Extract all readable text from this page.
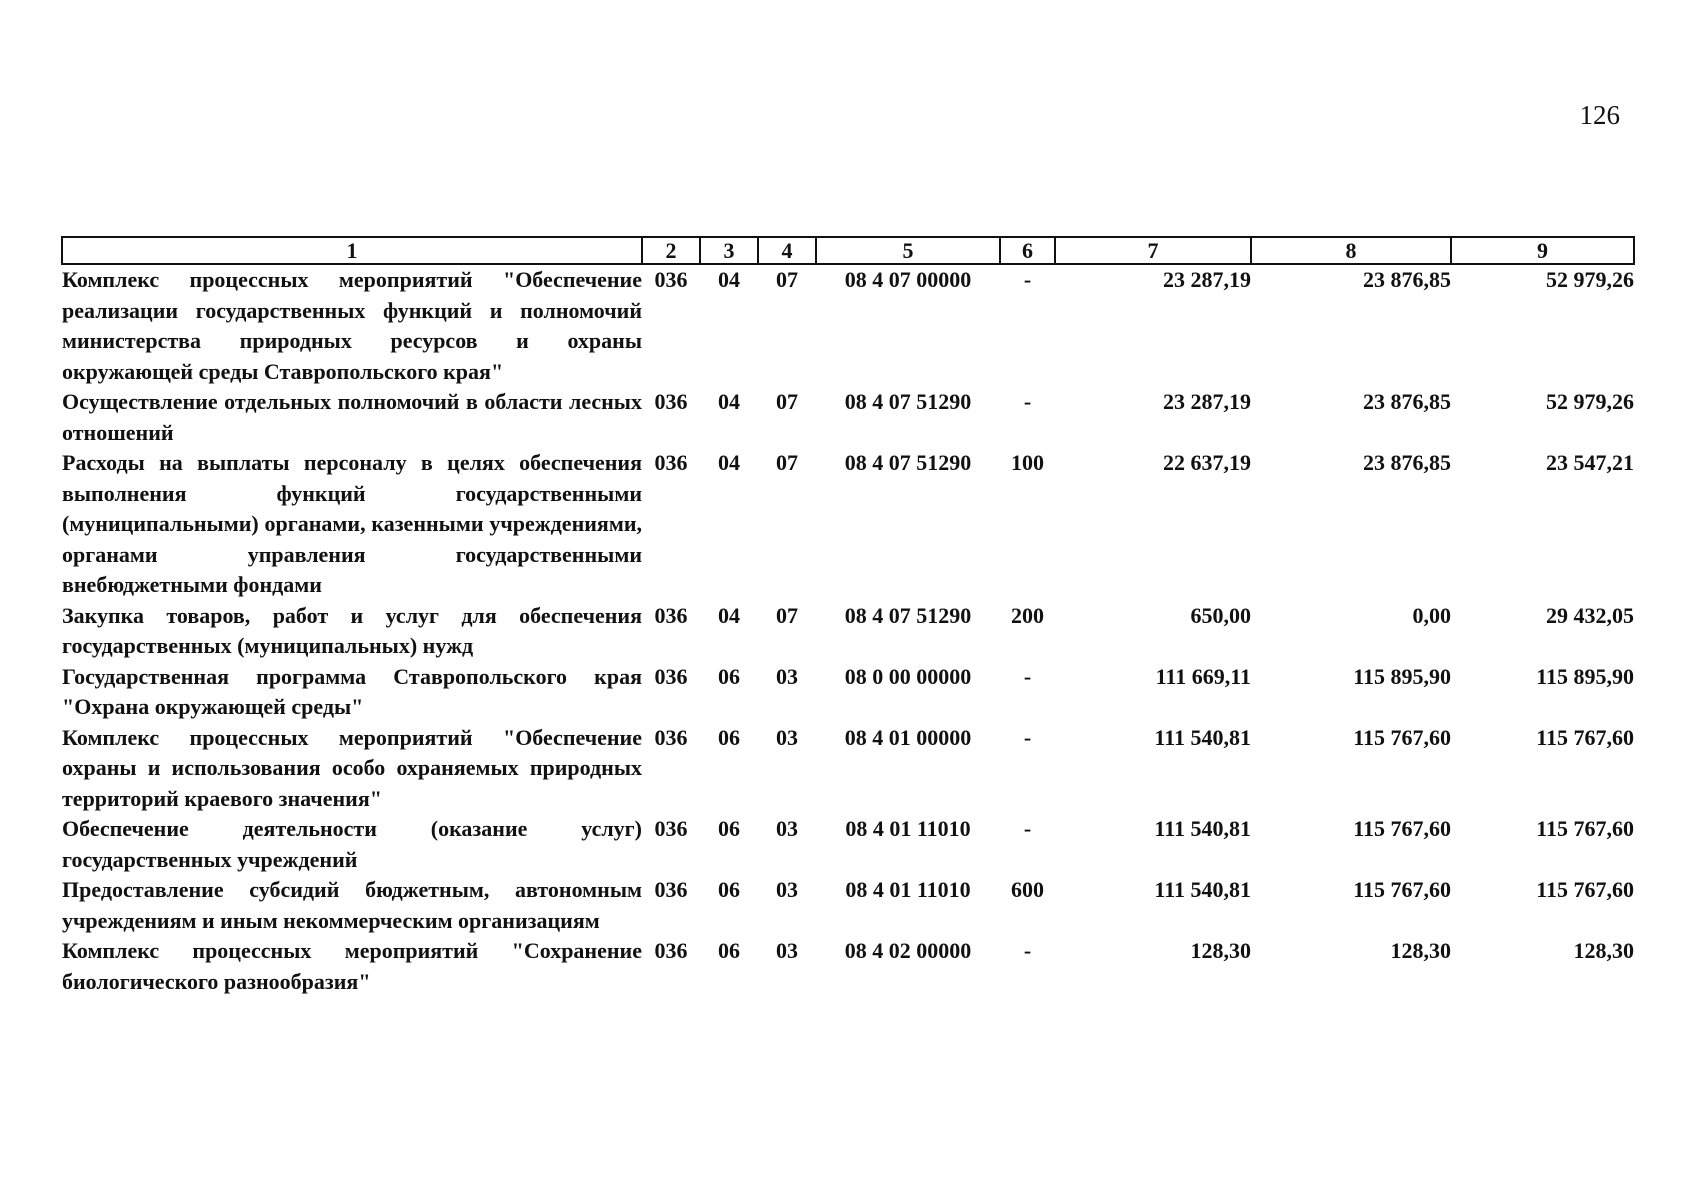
126
1	2	3	4	5	6	7	8	9
Комплекс процессных мероприятий "Обеспечение реализации государственных функций и полномочий министерства природных ресурсов и охраны окружающей среды Ставропольского края"	036	04	07	08 4 07 00000	-	23 287,19	23 876,85	52 979,26
Осуществление отдельных полномочий в области лесных отношений	036	04	07	08 4 07 51290	-	23 287,19	23 876,85	52 979,26
Расходы на выплаты персоналу в целях обеспечения выполнения функций государственными (муниципальными) органами, казенными учреждениями, органами управления государственными внебюджетными фондами	036	04	07	08 4 07 51290	100	22 637,19	23 876,85	23 547,21
Закупка товаров, работ и услуг для обеспечения государственных (муниципальных) нужд	036	04	07	08 4 07 51290	200	650,00	0,00	29 432,05
Государственная программа Ставропольского края "Охрана окружающей среды"	036	06	03	08 0 00 00000	-	111 669,11	115 895,90	115 895,90
Комплекс процессных мероприятий "Обеспечение охраны и использования особо охраняемых природных территорий краевого значения"	036	06	03	08 4 01 00000	-	111 540,81	115 767,60	115 767,60
Обеспечение деятельности (оказание услуг) государственных учреждений	036	06	03	08 4 01 11010	-	111 540,81	115 767,60	115 767,60
Предоставление субсидий бюджетным, автономным учреждениям и иным некоммерческим организациям	036	06	03	08 4 01 11010	600	111 540,81	115 767,60	115 767,60
Комплекс процессных мероприятий "Сохранение биологического разнообразия"	036	06	03	08 4 02 00000	-	128,30	128,30	128,30
